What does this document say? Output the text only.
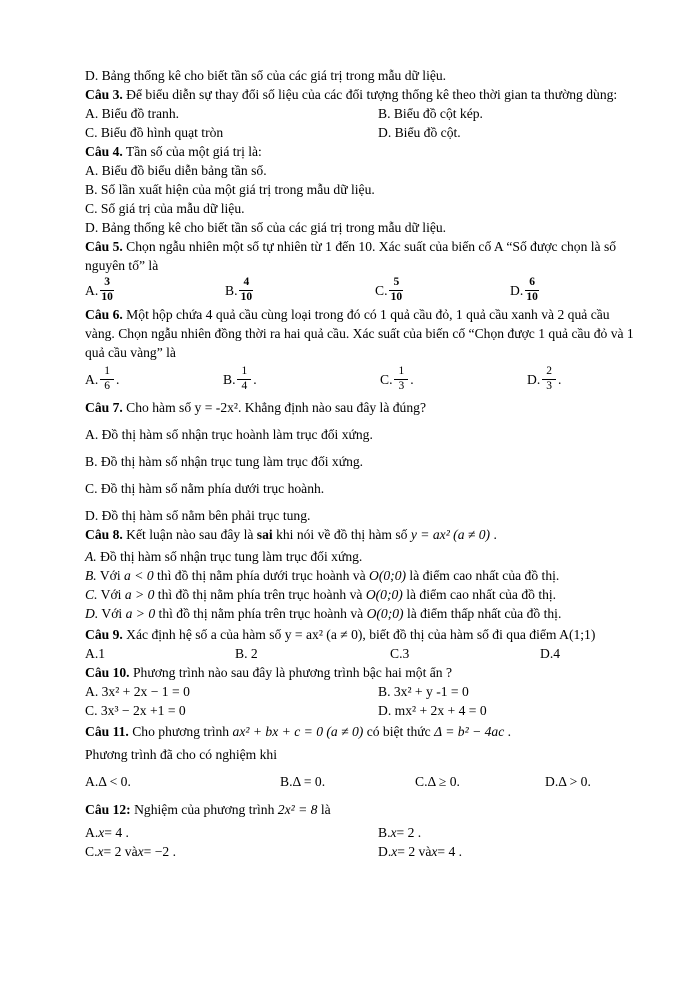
D. Bảng thống kê cho biết tần số của các giá trị trong mẫu dữ liệu.
Câu 3. Để biểu diễn sự thay đổi số liệu của các đối tượng thống kê theo thời gian ta thường dùng:
A. Biểu đồ tranh.	B. Biểu đồ cột kép.
C. Biểu đồ hình quạt tròn	D. Biểu đồ cột.
Câu 4. Tần số của một giá trị là:
A. Biểu đồ biểu diễn bảng tần số.
B. Số lần xuất hiện của một giá trị trong mẫu dữ liệu.
C. Số giá trị của mẫu dữ liệu.
D. Bảng thống kê cho biết tần số của các giá trị trong mẫu dữ liệu.
Câu 5. Chọn ngẫu nhiên một số tự nhiên từ 1 đến 10. Xác suất của biến cố A “Số được chọn là số nguyên tố” là
A. $\frac{3}{10}$	B. $\frac{4}{10}$	C. $\frac{5}{10}$	D. $\frac{6}{10}$
Câu 6. Một hộp chứa 4 quả cầu cùng loại trong đó có 1 quả cầu đỏ, 1 quả cầu xanh và 2 quả cầu vàng. Chọn ngẫu nhiên đồng thời ra hai quả cầu. Xác suất của biến cố “Chọn được 1 quả cầu đỏ và 1 quả cầu vàng” là
A. $\frac{1}{6}$ .	B. $\frac{1}{4}$ .	C. $\frac{1}{3}$ .	D. $\frac{2}{3}$ .
Câu 7. Cho hàm số y = -2x². Khẳng định nào sau đây là đúng?
A. Đồ thị hàm số nhận trục hoành làm trục đối xứng.
B. Đồ thị hàm số nhận trục tung làm trục đối xứng.
C. Đồ thị hàm số nằm phía dưới trục hoành.
D. Đồ thị hàm số nằm bên phải trục tung.
Câu 8. Kết luận nào sau đây là sai khi nói về đồ thị hàm số y = ax² (a ≠ 0) .
A. Đồ thị hàm số nhận trục tung làm trục đối xứng.
B. Với a < 0 thì đồ thị nằm phía dưới trục hoành và O(0;0) là điểm cao nhất của đồ thị.
C. Với a > 0 thì đồ thị nằm phía trên trục hoành và O(0;0) là điểm cao nhất của đồ thị.
D. Với a > 0 thì đồ thị nằm phía trên trục hoành và O(0;0) là điểm thấp nhất của đồ thị.
Câu 9. Xác định hệ số a của hàm số y = ax² (a ≠ 0), biết đồ thị của hàm số đi qua điểm A(1;1)
A.1	B. 2	C.3	D.4
Câu 10. Phương trình nào sau đây là phương trình bậc hai một ẩn ?
A. 3x² + 2x − 1 = 0	B. 3x² + y -1 = 0
C. 3x³ − 2x +1 = 0	D. mx² + 2x + 4 = 0
Câu 11. Cho phương trình ax² + bx + c = 0 (a ≠ 0) có biệt thức Δ = b² − 4ac .
Phương trình đã cho có nghiệm khi
A. Δ < 0 .	B. Δ = 0 .	C. Δ ≥ 0 .	D. Δ > 0 .
Câu 12: Nghiệm của phương trình 2x² = 8 là
A. x = 4 .	B. x = 2 .
C. x = 2 và x = −2 .	D. x = 2 và x = 4 .
